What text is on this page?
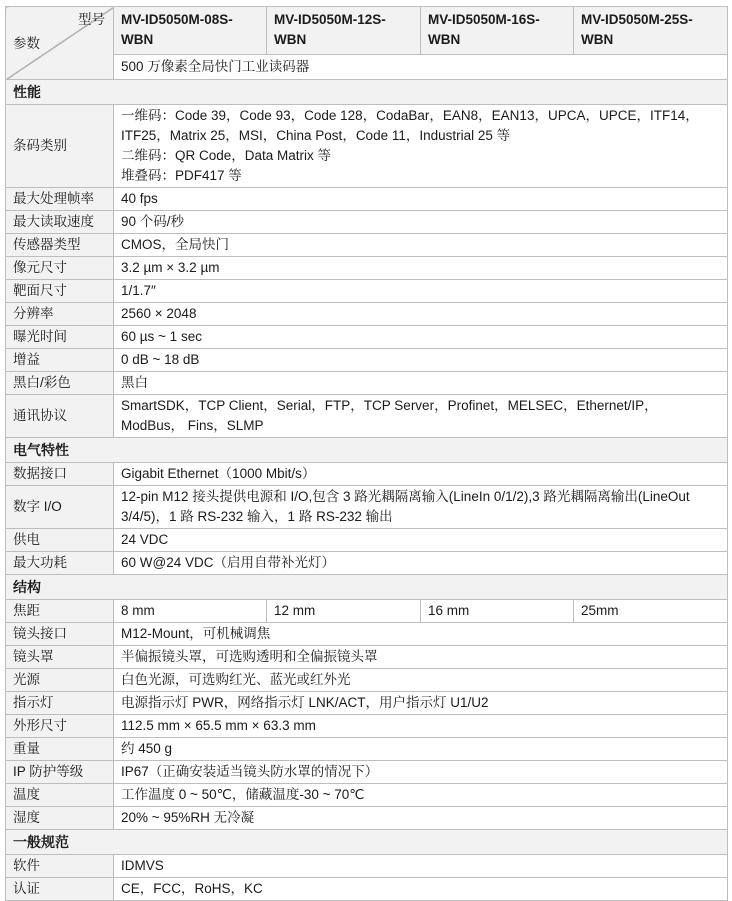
型号
参数	MV-ID5050M-08S-WBN	MV-ID5050M-12S-WBN	MV-ID5050M-16S-WBN	MV-ID5050M-25S-WBN
	500 万像素全局快门工业读码器			
性能				
条码类别	一维码：Code 39，Code 93，Code 128，CodaBar，EAN8，EAN13，UPCA，UPCE，ITF14，ITF25，Matrix 25，MSI，China Post，Code 11，Industrial 25 等
二维码：QR Code，Data Matrix 等
堆叠码：PDF417 等			

最大处理帧率	40 fps			
最大读取速度	90 个码/秒			
传感器类型	CMOS，全局快门			
像元尺寸	3.2 µm × 3.2 µm			
靶面尺寸	1/1.7″			
分辨率	2560 × 2048			
曝光时间	60 µs ~ 1 sec			
增益	0 dB ~ 18 dB			
黑白/彩色	黑白			
通讯协议	SmartSDK，TCP Client，Serial，FTP，TCP Server，Profinet，MELSEC，Ethernet/IP，ModBus， Fins，SLMP			
电气特性				
数据接口	Gigabit Ethernet（1000 Mbit/s）			
数字 I/O	12-pin M12 接头提供电源和 I/O,包含 3 路光耦隔离输入(LineIn 0/1/2),3 路光耦隔离输出(LineOut 3/4/5)，1 路 RS-232 输入，1 路 RS-232 输出			
供电	24 VDC			
最大功耗	60 W@24 VDC（启用自带补光灯）			
结构				
焦距	8 mm	12 mm	16 mm	25mm
镜头接口	M12-Mount，可机械调焦			
镜头罩	半偏振镜头罩，可选购透明和全偏振镜头罩			
光源	白色光源，可选购红光、蓝光或红外光			
指示灯	电源指示灯 PWR，网络指示灯 LNK/ACT，用户指示灯 U1/U2			
外形尺寸	112.5 mm × 65.5 mm × 63.3 mm			
重量	约 450 g			
IP 防护等级	IP67（正确安装适当镜头防水罩的情况下）			
温度	工作温度 0 ~ 50℃，储藏温度-30 ~ 70℃			
湿度	20% ~ 95%RH 无冷凝			
一般规范				
软件	IDMVS			
认证	CE，FCC，RoHS，KC			
